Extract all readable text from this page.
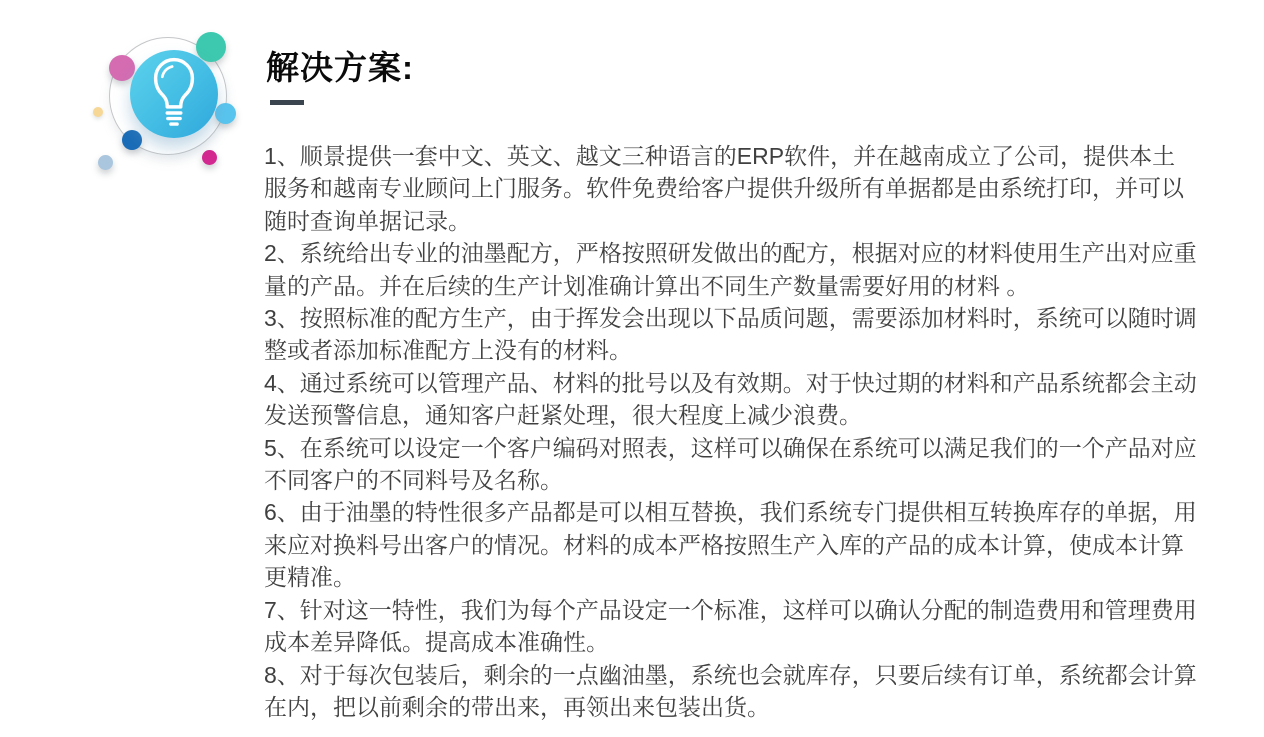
解决方案:

1、顺景提供一套中文、英文、越文三种语言的ERP软件，并在越南成立了公司，提供本土服务和越南专业顾问上门服务。软件免费给客户提供升级所有单据都是由系统打印，并可以随时查询单据记录。

2、系统给出专业的油墨配方，严格按照研发做出的配方，根据对应的材料使用生产出对应重量的产品。并在后续的生产计划准确计算出不同生产数量需要好用的材料 。

3、按照标准的配方生产，由于挥发会出现以下品质问题，需要添加材料时，系统可以随时调整或者添加标准配方上没有的材料。

4、通过系统可以管理产品、材料的批号以及有效期。对于快过期的材料和产品系统都会主动发送预警信息，通知客户赶紧处理，很大程度上减少浪费。

5、在系统可以设定一个客户编码对照表，这样可以确保在系统可以满足我们的一个产品对应不同客户的不同料号及名称。

6、由于油墨的特性很多产品都是可以相互替换，我们系统专门提供相互转换库存的单据，用来应对换料号出客户的情况。材料的成本严格按照生产入库的产品的成本计算，使成本计算更精准。

7、针对这一特性，我们为每个产品设定一个标准，这样可以确认分配的制造费用和管理费用成本差异降低。提高成本准确性。

8、对于每次包装后，剩余的一点幽油墨，系统也会就库存，只要后续有订单，系统都会计算在内，把以前剩余的带出来，再领出来包装出货。
